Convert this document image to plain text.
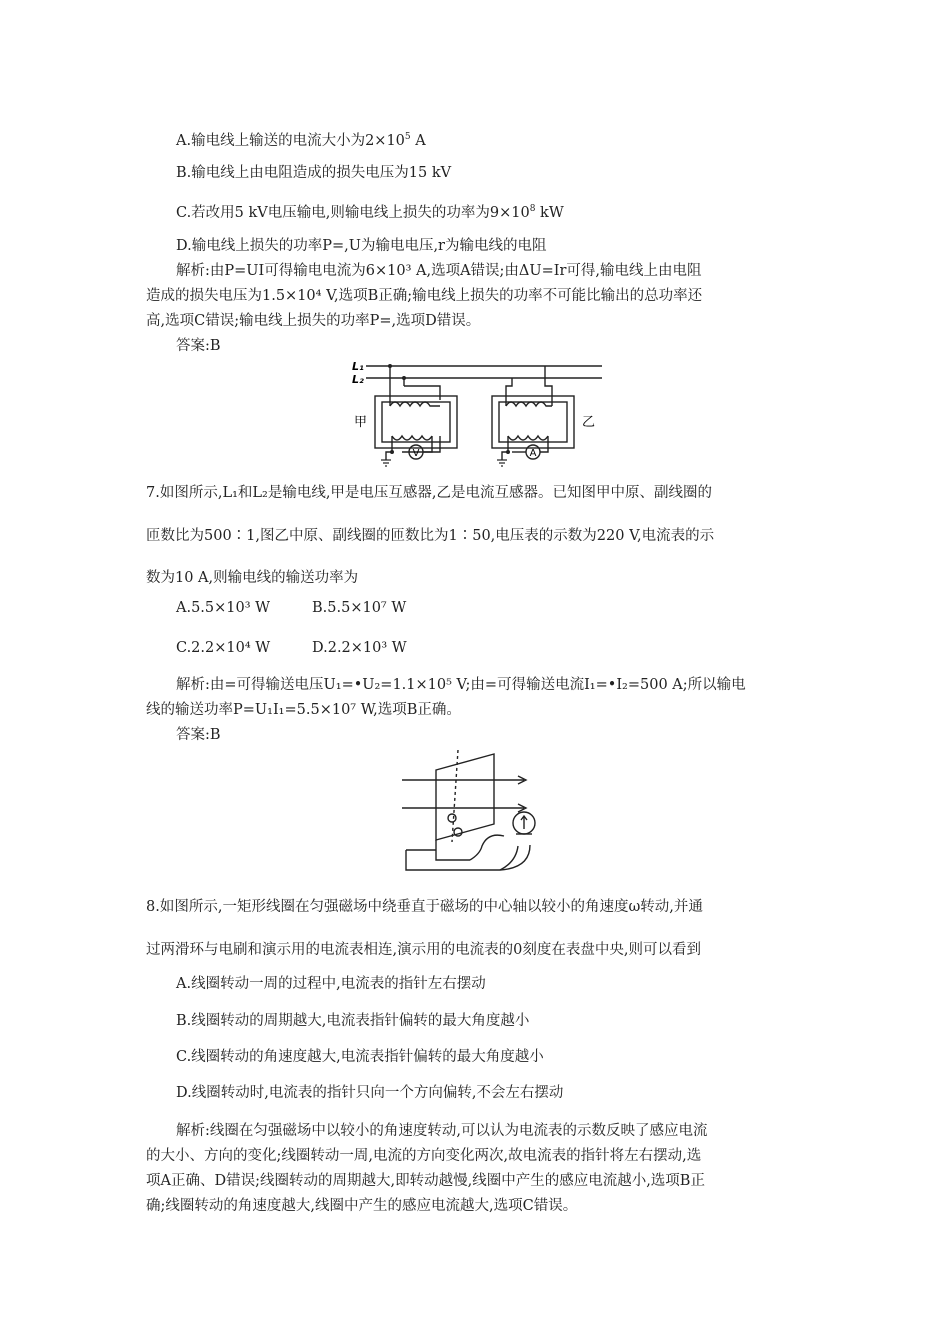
A.输电线上输送的电流大小为$2\times 10^5$ A
B.输电线上由电阻造成的损失电压为15 kV
C.若改用5 kV电压输电,则输电线上损失的功率为$9\times 10^8$ kW
D.输电线上损失的功率P=,U为输电电压,r为输电线的电阻
解析:由P=UI可得输电电流为6×10³ A,选项A错误;由ΔU=Ir可得,输电线上由电阻
造成的损失电压为1.5×10⁴ V,选项B正确;输电线上损失的功率不可能比输出的总功率还
高,选项C错误;输电线上损失的功率P=,选项D错误。
答案:B
L₁
L₂
甲	乙
V	A
7.如图所示,L₁和L₂是输电线,甲是电压互感器,乙是电流互感器。已知图甲中原、副线圈的
匝数比为500∶1,图乙中原、副线圈的匝数比为1∶50,电压表的示数为220 V,电流表的示
数为10 A,则输电线的输送功率为
A.5.5×10³ W	B.5.5×10⁷ W
C.2.2×10⁴ W	D.2.2×10³ W
解析:由=可得输送电压U₁=•U₂=1.1×10⁵ V;由=可得输送电流I₁=•I₂=500 A;所以输电
线的输送功率P=U₁I₁=5.5×10⁷ W,选项B正确。
答案:B
8.如图所示,一矩形线圈在匀强磁场中绕垂直于磁场的中心轴以较小的角速度ω转动,并通
过两滑环与电刷和演示用的电流表相连,演示用的电流表的0刻度在表盘中央,则可以看到
A.线圈转动一周的过程中,电流表的指针左右摆动
B.线圈转动的周期越大,电流表指针偏转的最大角度越小
C.线圈转动的角速度越大,电流表指针偏转的最大角度越小
D.线圈转动时,电流表的指针只向一个方向偏转,不会左右摆动
解析:线圈在匀强磁场中以较小的角速度转动,可以认为电流表的示数反映了感应电流
的大小、方向的变化;线圈转动一周,电流的方向变化两次,故电流表的指针将左右摆动,选
项A正确、D错误;线圈转动的周期越大,即转动越慢,线圈中产生的感应电流越小,选项B正
确;线圈转动的角速度越大,线圈中产生的感应电流越大,选项C错误。
